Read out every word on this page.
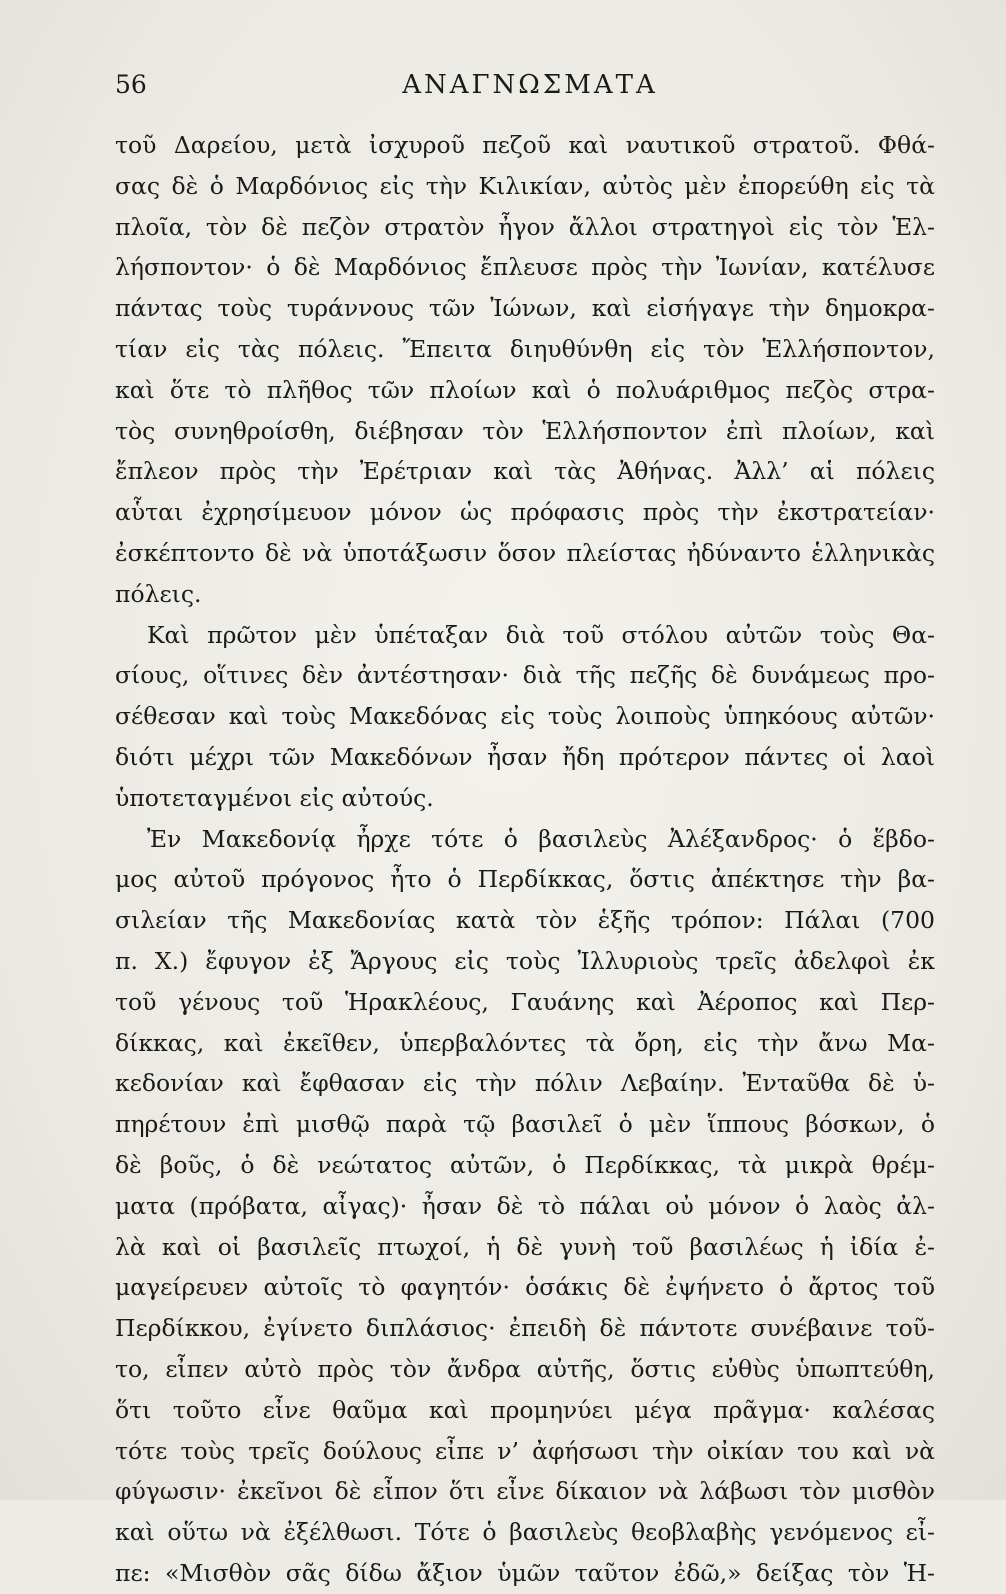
56	ΑΝΑΓΝΩΣΜΑΤΑ
τοῦ Δαρείου, μετὰ ἰσχυροῦ πεζοῦ καὶ ναυτικοῦ στρατοῦ. Φθά-
σας δὲ ὁ Μαρδόνιος εἰς τὴν Κιλικίαν, αὐτὸς μὲν ἐπορεύθη εἰς τὰ
πλοῖα, τὸν δὲ πεζὸν στρατὸν ἦγον ἄλλοι στρατηγοὶ εἰς τὸν Ἑλ-
λήσποντον· ὁ δὲ Μαρδόνιος ἔπλευσε πρὸς τὴν Ἰωνίαν, κατέλυσε
πάντας τοὺς τυράννους τῶν Ἰώνων, καὶ εἰσήγαγε τὴν δημοκρα-
τίαν εἰς τὰς πόλεις. Ἔπειτα διηυθύνθη εἰς τὸν Ἑλλήσποντον,
καὶ ὅτε τὸ πλῆθος τῶν πλοίων καὶ ὁ πολυάριθμος πεζὸς στρα-
τὸς συνηθροίσθη, διέβησαν τὸν Ἑλλήσποντον ἐπὶ πλοίων, καὶ
ἔπλεον πρὸς τὴν Ἐρέτριαν καὶ τὰς Ἀθήνας. Ἀλλ’ αἱ πόλεις
αὗται ἐχρησίμευον μόνον ὡς πρόφασις πρὸς τὴν ἐκστρατείαν·
ἐσκέπτοντο δὲ νὰ ὑποτάξωσιν ὅσον πλείστας ἠδύναντο ἑλληνικὰς
πόλεις.
Καὶ πρῶτον μὲν ὑπέταξαν διὰ τοῦ στόλου αὐτῶν τοὺς Θα-
σίους, οἵτινες δὲν ἀντέστησαν· διὰ τῆς πεζῆς δὲ δυνάμεως προ-
σέθεσαν καὶ τοὺς Μακεδόνας εἰς τοὺς λοιποὺς ὑπηκόους αὐτῶν·
διότι μέχρι τῶν Μακεδόνων ἦσαν ἤδη πρότερον πάντες οἱ λαοὶ
ὑποτεταγμένοι εἰς αὐτούς.
Ἐν Μακεδονίᾳ ἦρχε τότε ὁ βασιλεὺς Ἀλέξανδρος· ὁ ἕβδο-
μος αὐτοῦ πρόγονος ἦτο ὁ Περδίκκας, ὅστις ἀπέκτησε τὴν βα-
σιλείαν τῆς Μακεδονίας κατὰ τὸν ἑξῆς τρόπον: Πάλαι (700
π. Χ.) ἔφυγον ἐξ Ἄργους εἰς τοὺς Ἰλλυριοὺς τρεῖς ἀδελφοὶ ἐκ
τοῦ γένους τοῦ Ἡρακλέους, Γαυάνης καὶ Ἀέροπος καὶ Περ-
δίκκας, καὶ ἐκεῖθεν, ὑπερβαλόντες τὰ ὄρη, εἰς τὴν ἄνω Μα-
κεδονίαν καὶ ἔφθασαν εἰς τὴν πόλιν Λεβαίην. Ἐνταῦθα δὲ ὑ-
πηρέτουν ἐπὶ μισθῷ παρὰ τῷ βασιλεῖ ὁ μὲν ἵππους βόσκων, ὁ
δὲ βοῦς, ὁ δὲ νεώτατος αὐτῶν, ὁ Περδίκκας, τὰ μικρὰ θρέμ-
ματα (πρόβατα, αἶγας)· ἦσαν δὲ τὸ πάλαι οὐ μόνον ὁ λαὸς ἀλ-
λὰ καὶ οἱ βασιλεῖς πτωχοί, ἡ δὲ γυνὴ τοῦ βασιλέως ἡ ἰδία ἐ-
μαγείρευεν αὐτοῖς τὸ φαγητόν· ὁσάκις δὲ ἐψήνετο ὁ ἄρτος τοῦ
Περδίκκου, ἐγίνετο διπλάσιος· ἐπειδὴ δὲ πάντοτε συνέβαινε τοῦ-
το, εἶπεν αὐτὸ πρὸς τὸν ἄνδρα αὐτῆς, ὅστις εὐθὺς ὑπωπτεύθη,
ὅτι τοῦτο εἶνε θαῦμα καὶ προμηνύει μέγα πρᾶγμα· καλέσας
τότε τοὺς τρεῖς δούλους εἶπε ν’ ἀφήσωσι τὴν οἰκίαν του καὶ νὰ
φύγωσιν· ἐκεῖνοι δὲ εἶπον ὅτι εἶνε δίκαιον νὰ λάβωσι τὸν μισθὸν
καὶ οὕτω νὰ ἐξέλθωσι. Τότε ὁ βασιλεὺς θεοβλαβὴς γενόμενος εἶ-
πε: «Μισθὸν σᾶς δίδω ἄξιον ὑμῶν ταῦτον ἐδῶ,» δείξας τὸν Ἡ-
